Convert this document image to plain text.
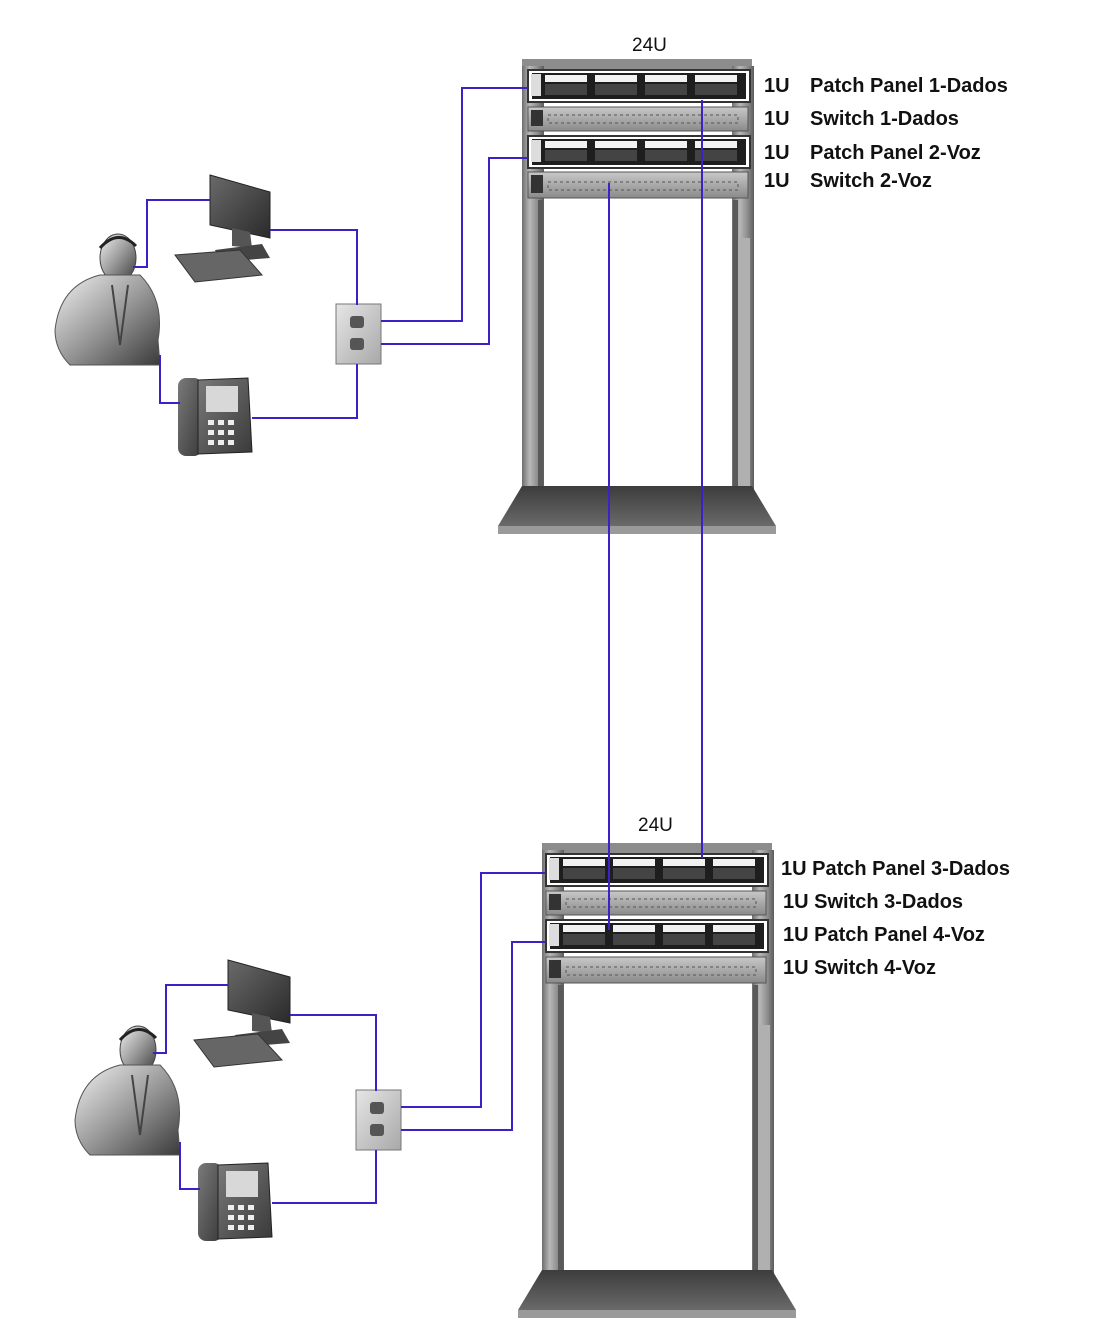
24U
24U
1U Patch Panel 1-Dados
1U Switch 1-Dados
1U Patch Panel 2-Voz
1U Switch 2-Voz
1U Patch Panel 3-Dados
1U Switch 3-Dados
1U Patch Panel 4-Voz
1U Switch 4-Voz
